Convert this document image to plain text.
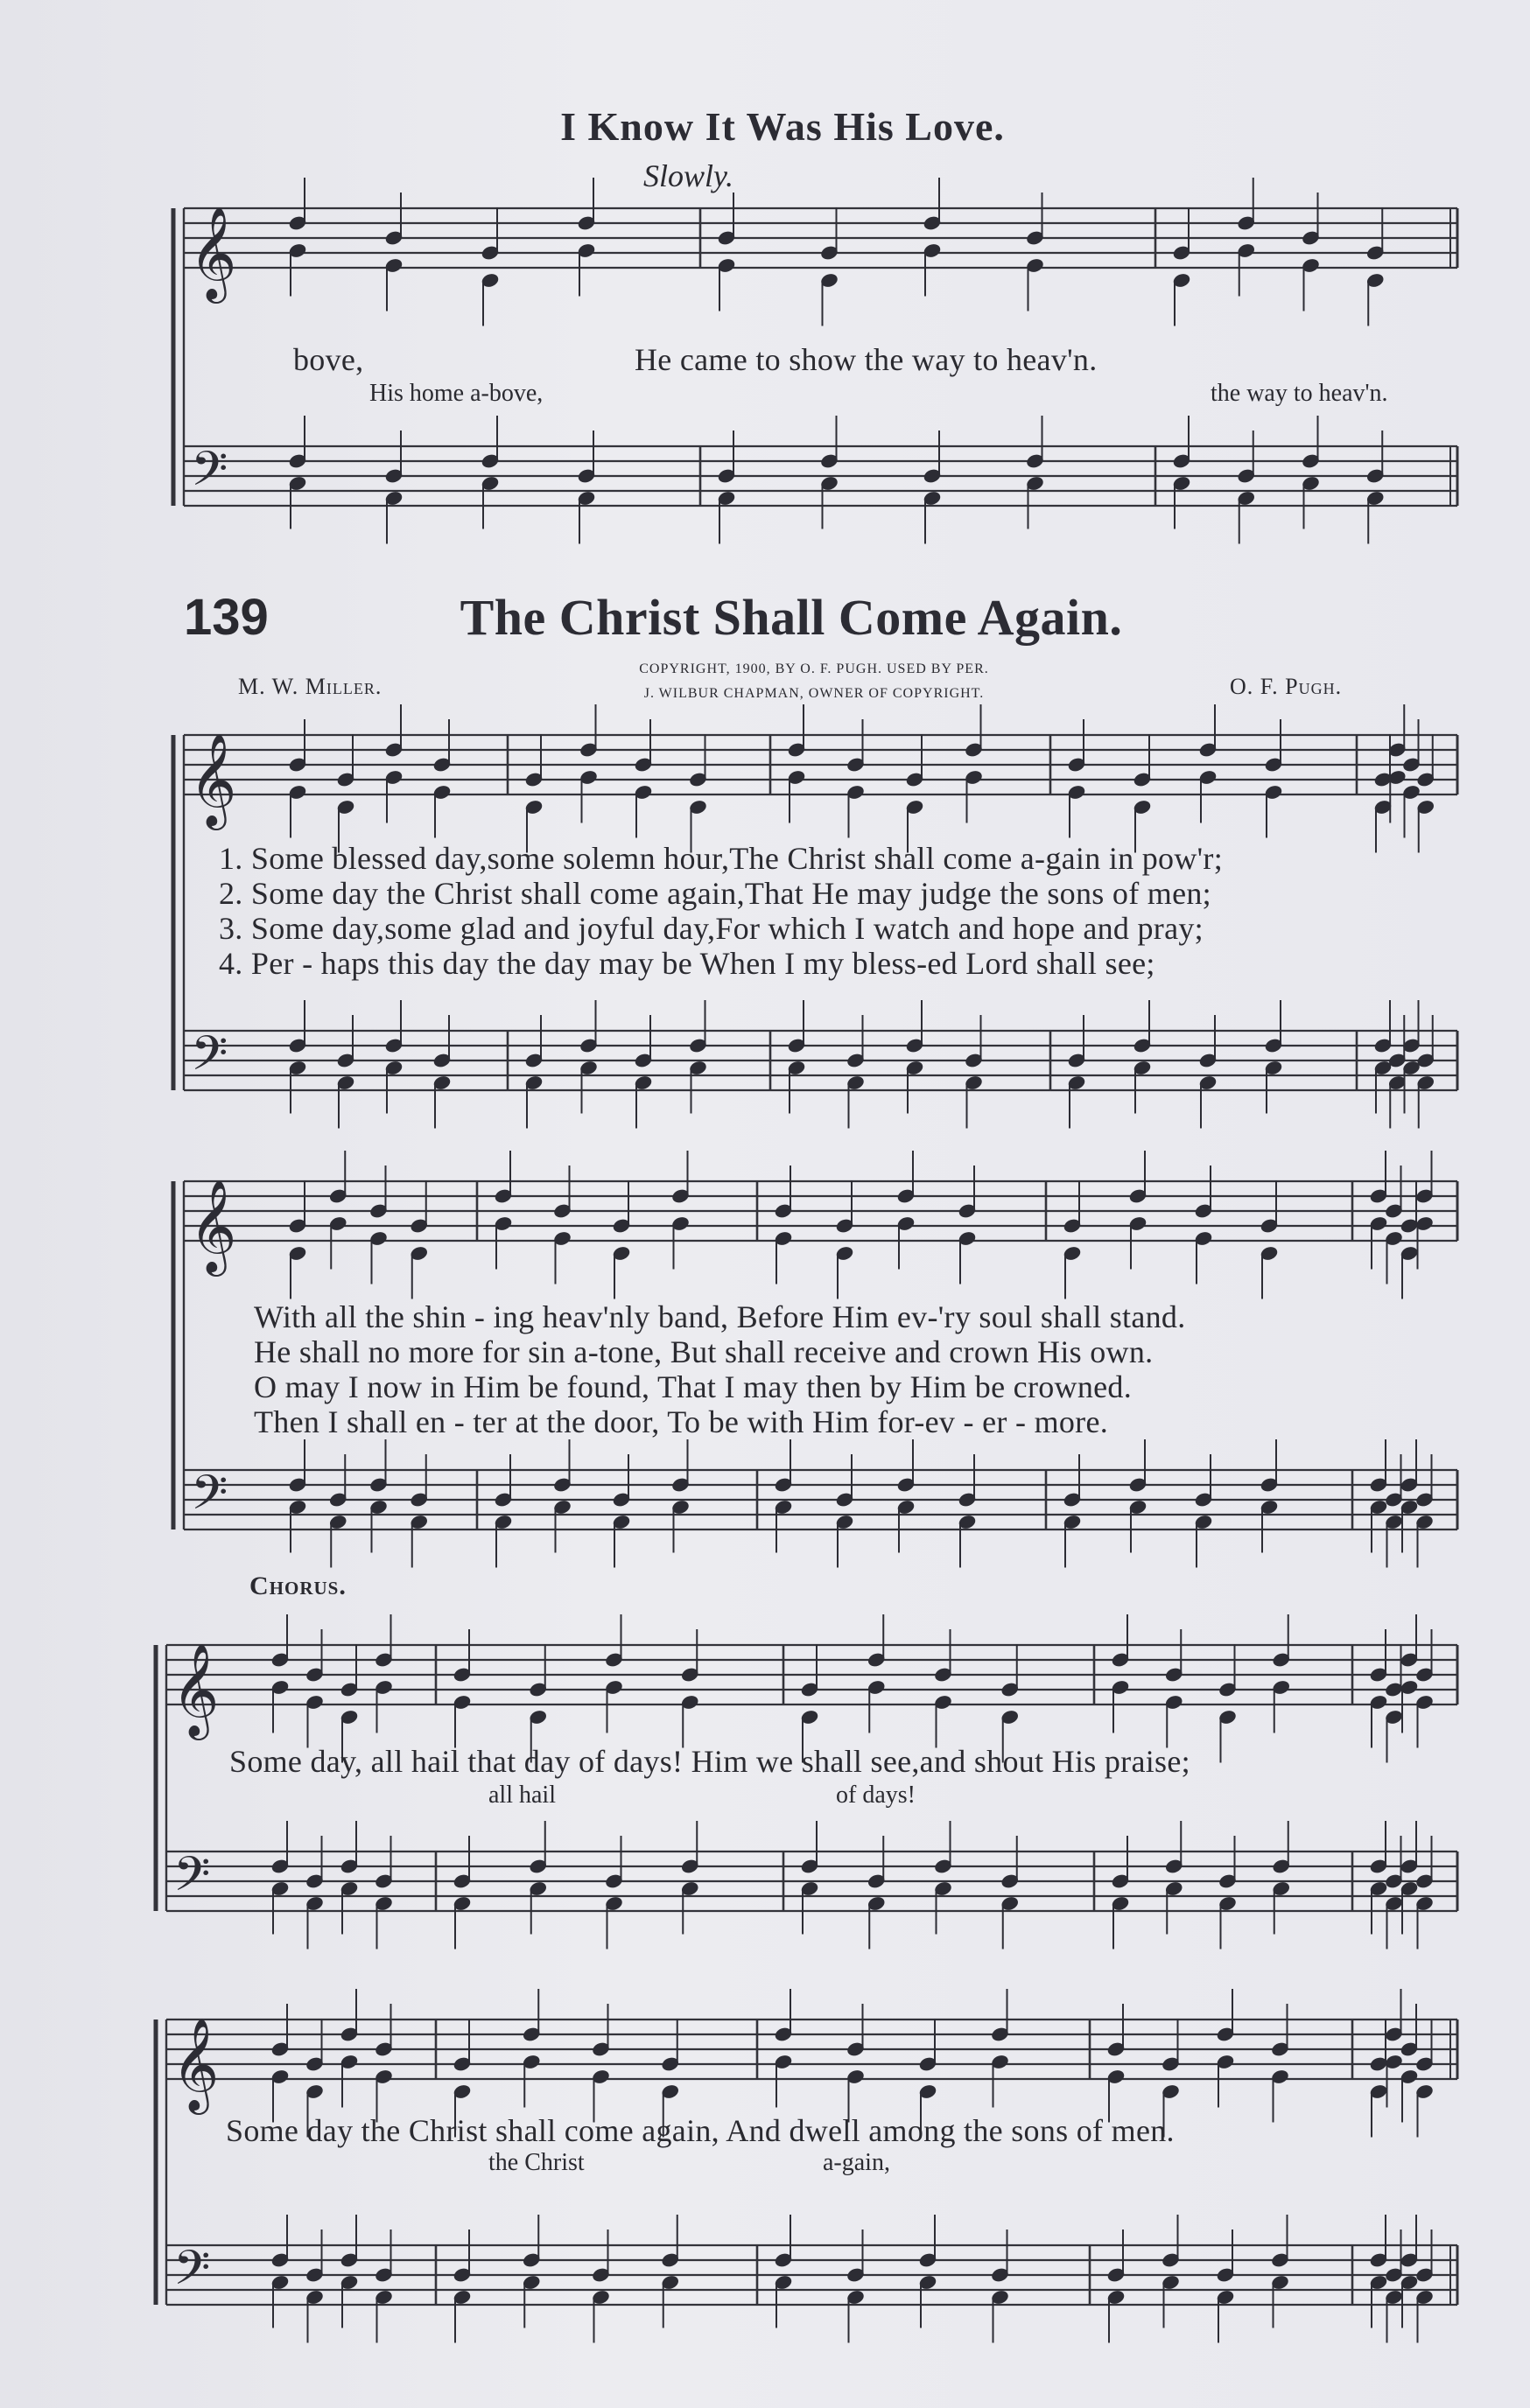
𝄞
𝄢
𝄞
𝄢
𝄞
𝄢
𝄞
𝄢
𝄞
𝄢
I Know It Was His Love.
Slowly.
bove,	He came to show the way to heav'n.
His home a-bove,	the way to heav'n.
139	The Christ Shall Come Again.
M. W. Miller.	O. F. Pugh.
COPYRIGHT, 1900, BY O. F. PUGH. USED BY PER.
J. WILBUR CHAPMAN, OWNER OF COPYRIGHT.
1. Some blessed day,some solemn hour,The Christ shall come a-gain in pow'r;
2. Some day the Christ shall come again,That He may judge the sons of men;
3. Some day,some glad and joyful day,For which I watch and hope and pray;
4. Per - haps this day the day may be When I my bless-ed Lord shall see;
With all the shin - ing heav'nly band, Before Him ev-'ry soul shall stand.
He shall no more for sin a-tone, But shall receive and crown His own.
O may I now in Him be found, That I may then by Him be crowned.
Then I shall en - ter at the door, To be with Him for-ev - er - more.
Chorus.
Some day, all hail that day of days! Him we shall see,and shout His praise;
all hail	of days!
Some day the Christ shall come again, And dwell among the sons of men.
the Christ	a-gain,
